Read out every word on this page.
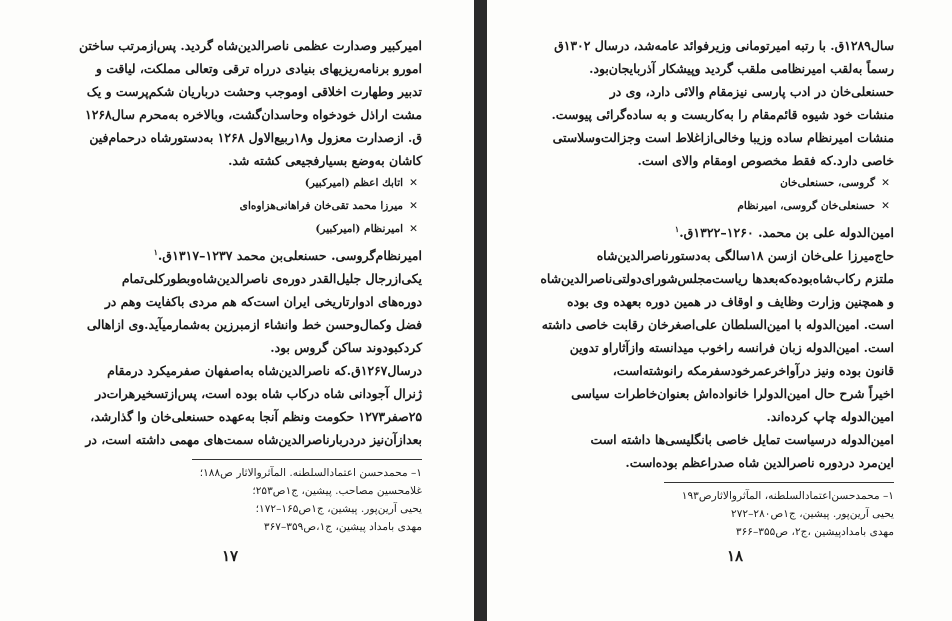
امیرکبیر وصدارت عظمی ناصرالدین‌شاه گردید. پس‌ازمرتب ساختن

امورو برنامه‌ریزیهای بنیادی درراه ترقی وتعالی مملکت، لیاقت و

تدبیر وطهارت اخلاقی اوموجب وحشت درباریان شکم‌پرست و یک

مشت اراذل خودخواه وحاسدان‌گشت، وبالاخره به‌محرم سال۱۲۶۸

ق. ازصدارت معزول و۱۸ربیع‌الاول ۱۲۶۸ به‌دستورشاه درحمام‌فین

کاشان به‌وضع بسیارفجیعی کشته شد.

✕
اتابك اعظم (امیرکبیر)
✕
میرزا محمد تقی‌خان فراهانی‌هزاوه‌ای
✕
امیرنظام (امیرکبیر)
امیرنظام‌گروسی. حسنعلی‌بن محمد ۱۲۳۷–۱۳۱۷ق.$^۱$

یکی‌ازرجال جلیل‌القدر دوره‌ی ناصرالدین‌شاه‌وبطورکلی‌تمام

دوره‌های ادوارتاریخی ایران است‌که هم مردی باکفایت وهم در

فضل وکمال‌وحسن خط وانشاء ازمبرزین به‌شمارمیآید.وی ازاهالی

کردکبودوند ساکن گروس بود.

درسال۱۲۶۷ق.که ناصرالدین‌شاه به‌اصفهان صفرمیکرد درمقام

ژنرال آجودانی شاه درکاب شاه بوده است، پس‌ازتسخیرهرات‌در

۲۵صفر۱۲۷۳ حکومت ونظم آنجا به‌عهده حسنعلی‌خان وا گذارشد،

بعدازآن‌نیز دردربارناصرالدین‌شاه سمت‌های مهمی داشته است، در

۱– محمدحسن اعتمادالسلطنه. المآثروالاثار ص۱۸۸؛
غلامحسین مصاحب. پیشین، ج۱ص۲۵۳؛
یحیی آرین‌پور. پیشین، ج۱ص۱۶۵–۱۷۲؛
مهدی بامداد پیشین، ج۱،ص۳۵۹–۳۶۷
۱۷

سال۱۲۸۹ق. با رتبه امیرتومانی وزیرفوائد عامه‌شد، درسال ۱۳۰۲ق

رسماً به‌لقب امیرنظامی ملقب گردید وپیشکار آذربایجان‌بود.

حسنعلی‌خان در ادب پارسی نیزمقام والائی دارد، وی در

منشات خود شیوه قائم‌مقام را به‌کاربست و به ساده‌گرائی پیوست.

منشات امیرنظام ساده وزیبا وخالی‌ازاغلاط است وجزالت‌وسلاستی

خاصی دارد.که فقط مخصوص اومقام والای است.

✕
گروسی، حسنعلی‌خان
✕
حسنعلی‌خان گروسی، امیرنظام
امین‌الدوله علی بن محمد. ۱۲۶۰–۱۳۲۲ق.$^۱$

حاج‌میرزا علی‌خان ازسن ۱۸سالگی به‌دستورناصرالدین‌شاه

ملتزم رکاب‌شاه‌بوده‌که‌بعدها ریاست‌مجلس‌شورای‌دولتی‌ناصرالدین‌شاه

و همچنین وزارت وظایف و اوقاف در همین دوره بعهده وی بوده

است. امین‌الدوله با امین‌السلطان علی‌اصغرخان رقابت خاصی داشته

است. امین‌الدوله زبان فرانسه راخوب میدانسته وازآثاراو تدوین

قانون بوده ونیز درآواخرعمرخودسفرمکه رانوشته‌است،

اخیراً شرح حال امین‌الدولرا خانواده‌اش بعنوان‌خاطرات سیاسی

امین‌الدوله چاپ کرده‌اند.

امین‌الدوله درسیاست تمایل خاصی بانگلیسی‌ها داشته است

این‌مرد دردوره ناصرالدین شاه صدراعظم بوده‌است.

۱– محمدحسن‌اعتمادالسلطنه، المآثروالاثارص۱۹۳
یحیی آرین‌پور. پیشین، ج۱ص۲۸۰–۲۷۲
مهدی بامدادپیشین ،ج۲، ص۳۵۵–۳۶۶
۱۸
